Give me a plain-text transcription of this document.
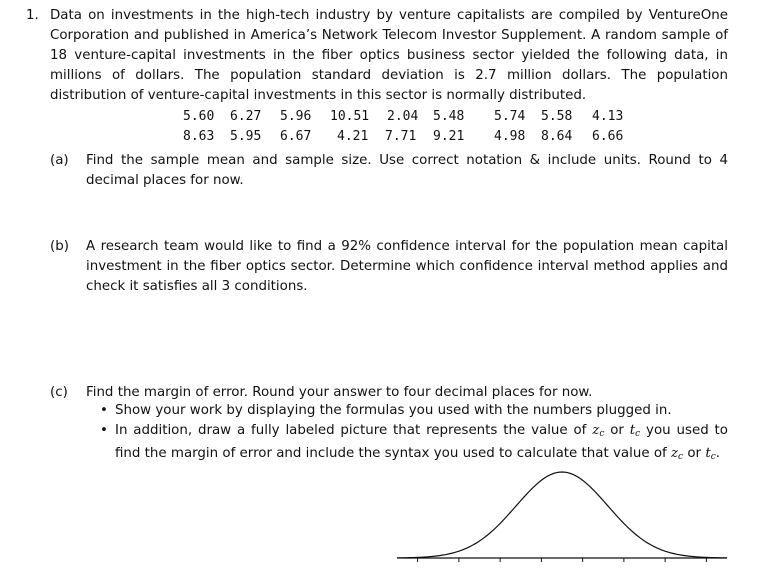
1. Data on investments in the high-tech industry by venture capitalists are compiled by VentureOne Corporation and published in America’s Network Telecom Investor Supplement. A random sample of 18 venture-capital investments in the fiber optics business sector yielded the following data, in millions of dollars. The population standard deviation is 2.7 million dollars. The population distribution of venture-capital investments in this sector is normally distributed.
5.60	6.27	5.96	10.51	2.04	5.48	5.74	5.58	4.13
8.63	5.95	6.67	4.21	7.71	9.21	4.98	8.64	6.66
(a) Find the sample mean and sample size. Use correct notation & include units. Round to 4 decimal places for now.
(b) A research team would like to find a 92% confidence interval for the population mean capital investment in the fiber optics sector. Determine which confidence interval method applies and check it satisfies all 3 conditions.
(c) Find the margin of error. Round your answer to four decimal places for now.
• Show your work by displaying the formulas you used with the numbers plugged in.
• In addition, draw a fully labeled picture that represents the value of $z_c$ or $t_c$ you used to find the margin of error and include the syntax you used to calculate that value of $z_c$ or $t_c$.
